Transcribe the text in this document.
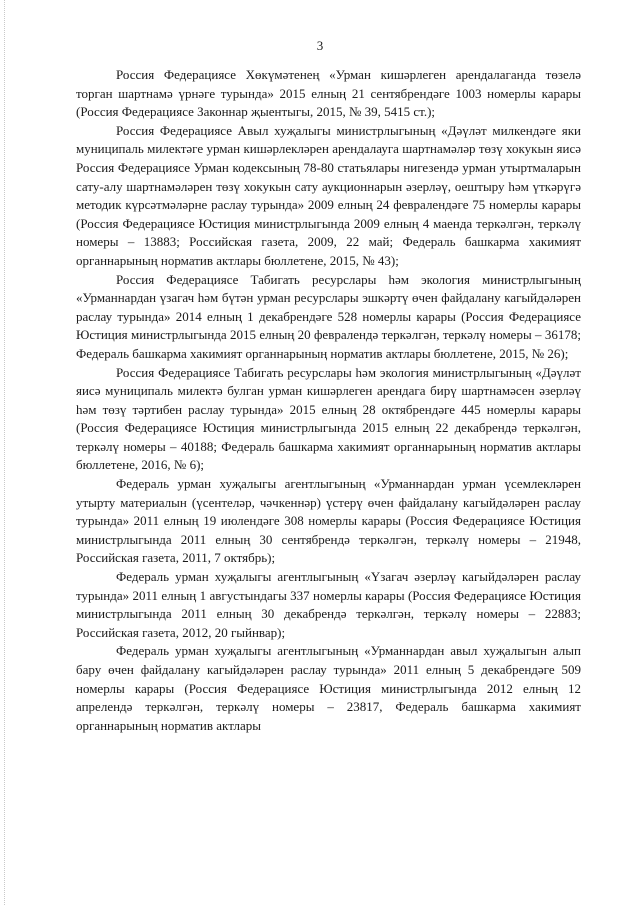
3

Россия Федерациясе Хөкүмәтенең «Урман кишәрлеген арендалаганда төзелә торган шартнамә үрнәге турында» 2015 елның 21 сентябрендәге 1003 номерлы карары (Россия Федерациясе Законнар җыентыгы, 2015, № 39, 5415 ст.);

Россия Федерациясе Авыл хуҗалыгы министрлыгының «Дәүләт милкендәге яки муниципаль милектәге урман кишәрлекләрен арендалауга шартнамәләр төзү хокукын яисә Россия Федерациясе Урман кодексының 78-80 статьялары нигезендә урман утыртмаларын сату-алу шартнамәләрен төзү хокукын сату аукционнарын әзерләү, оештыру һәм үткәрүгә методик күрсәтмәләрне раслау турында» 2009 елның 24 февралендәге 75 номерлы карары (Россия Федерациясе Юстиция министрлыгында 2009 елның 4 маенда теркәлгән, теркәлү номеры – 13883; Российская газета, 2009, 22 май; Федераль башкарма хакимият органнарының норматив актлары бюллетене, 2015, № 43);

Россия Федерациясе Табигать ресурслары һәм экология министрлыгының «Урманнардан үзагач һәм бүтән урман ресурслары эшкәртү өчен файдалану кагыйдәләрен раслау турында» 2014 елның 1 декабрендәге 528 номерлы карары (Россия Федерациясе Юстиция министрлыгында 2015 елның 20 февралендә теркәлгән, теркәлү номеры – 36178; Федераль башкарма хакимият органнарының норматив актлары бюллетене, 2015, № 26);

Россия Федерациясе Табигать ресурслары һәм экология министрлыгының «Дәүләт яисә муниципаль милектә булган урман кишәрлеген арендага бирү шартнамәсен әзерләү һәм төзү тәртибен раслау турында» 2015 елның 28 октябрендәге 445 номерлы карары (Россия Федерациясе Юстиция министрлыгында 2015 елның 22 декабрендә теркәлгән, теркәлү номеры – 40188; Федераль башкарма хакимият органнарының норматив актлары бюллетене, 2016, № 6);

Федераль урман хуҗалыгы агентлыгының «Урманнардан урман үсемлекләрен утырту материалын (үсентеләр, чәчкеннәр) үстерү өчен файдалану кагыйдәләрен раслау турында» 2011 елның 19 июлендәге 308 номерлы карары (Россия Федерациясе Юстиция министрлыгында 2011 елның 30 сентябрендә теркәлгән, теркәлү номеры – 21948, Российская газета, 2011, 7 октябрь);

Федераль урман хуҗалыгы агентлыгының «Үзагач әзерләү кагыйдәләрен раслау турында» 2011 елның 1 августындагы 337 номерлы карары (Россия Федерациясе Юстиция министрлыгында 2011 елның 30 декабрендә теркәлгән, теркәлү номеры – 22883; Российская газета, 2012, 20 гыйнвар);

Федераль урман хуҗалыгы агентлыгының «Урманнардан авыл хуҗалыгын алып бару өчен файдалану кагыйдәләрен раслау турында» 2011 елның 5 декабрендәге 509 номерлы карары (Россия Федерациясе Юстиция министрлыгында 2012 елның 12 апрелендә теркәлгән, теркәлү номеры – 23817, Федераль башкарма хакимият органнарының норматив актлары
